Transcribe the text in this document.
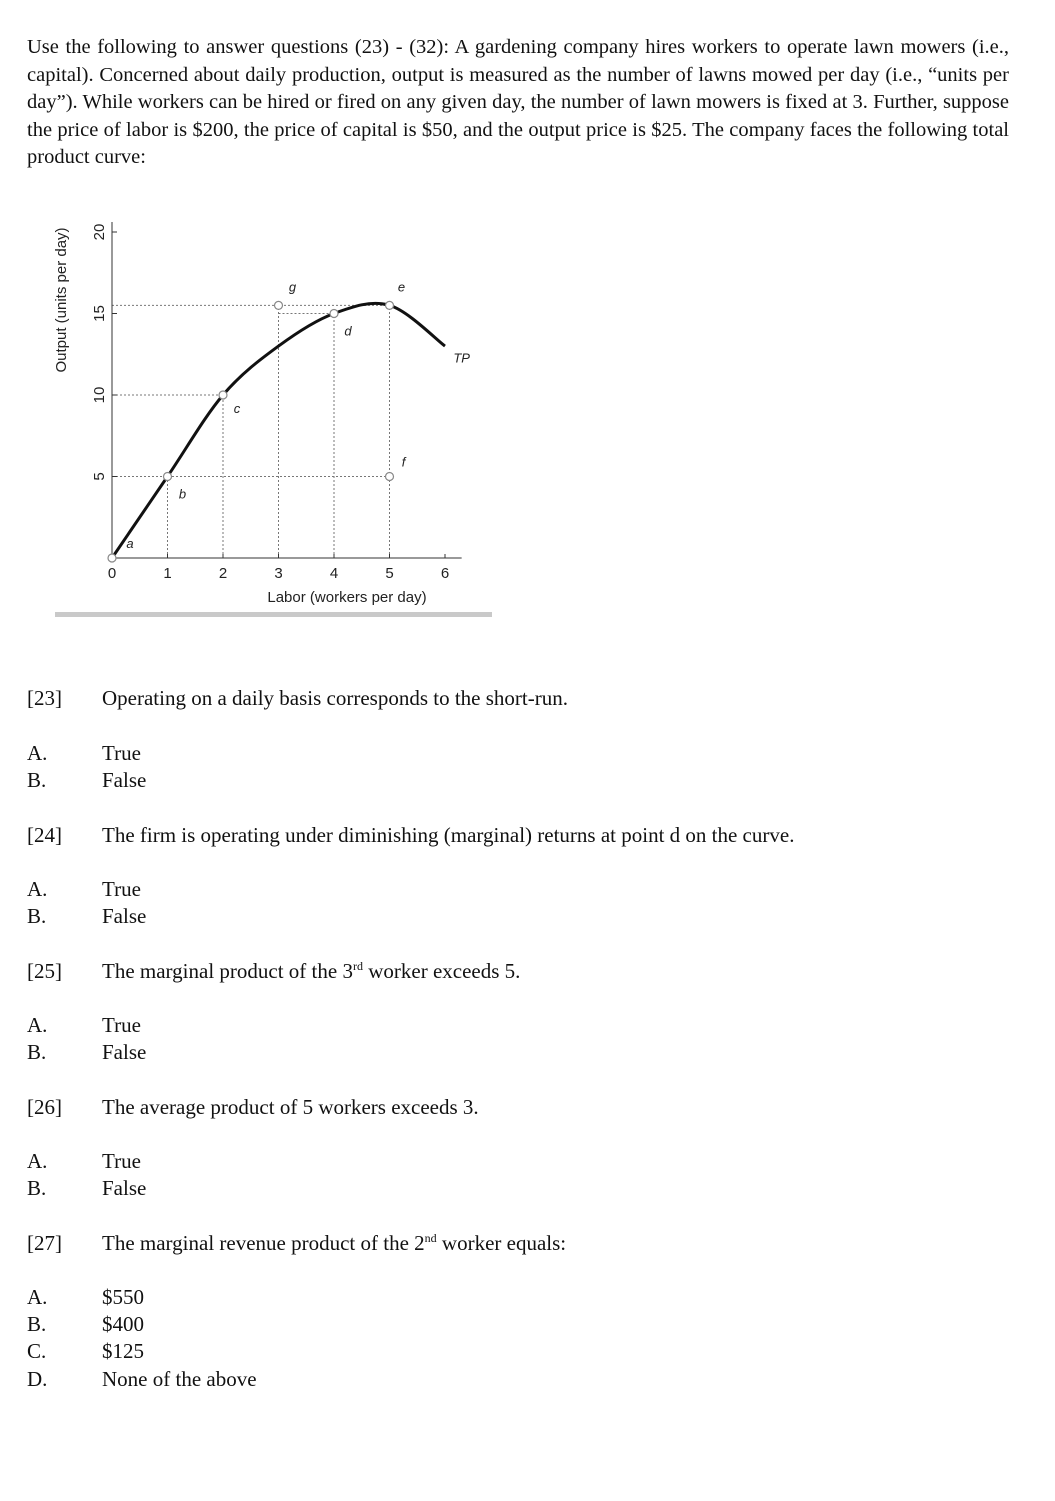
Use the following to answer questions (23) - (32): A gardening company hires workers to operate lawn mowers (i.e., capital). Concerned about daily production, output is measured as the number of lawns mowed per day (i.e., “units per day”). While workers can be hired or fired on any given day, the number of lawn mowers is fixed at 3. Further, suppose the price of labor is $200, the price of capital is $50, and the output price is $25. The company faces the following total product curve:
5
10
15
20
0	1	2	3	4	5	6
a
b
c
d
e
f
g
TP
Labor (workers per day)
Output (units per day)
[23] Operating on a daily basis corresponds to the short-run.
A.	True
B.	False
[24] The firm is operating under diminishing (marginal) returns at point d on the curve.
A.	True
B.	False
[25] The marginal product of the 3rd worker exceeds 5.
A.	True
B.	False
[26] The average product of 5 workers exceeds 3.
A.	True
B.	False
[27] The marginal revenue product of the 2nd worker equals:
A.	$550
B.	$400
C.	$125
D.	None of the above
